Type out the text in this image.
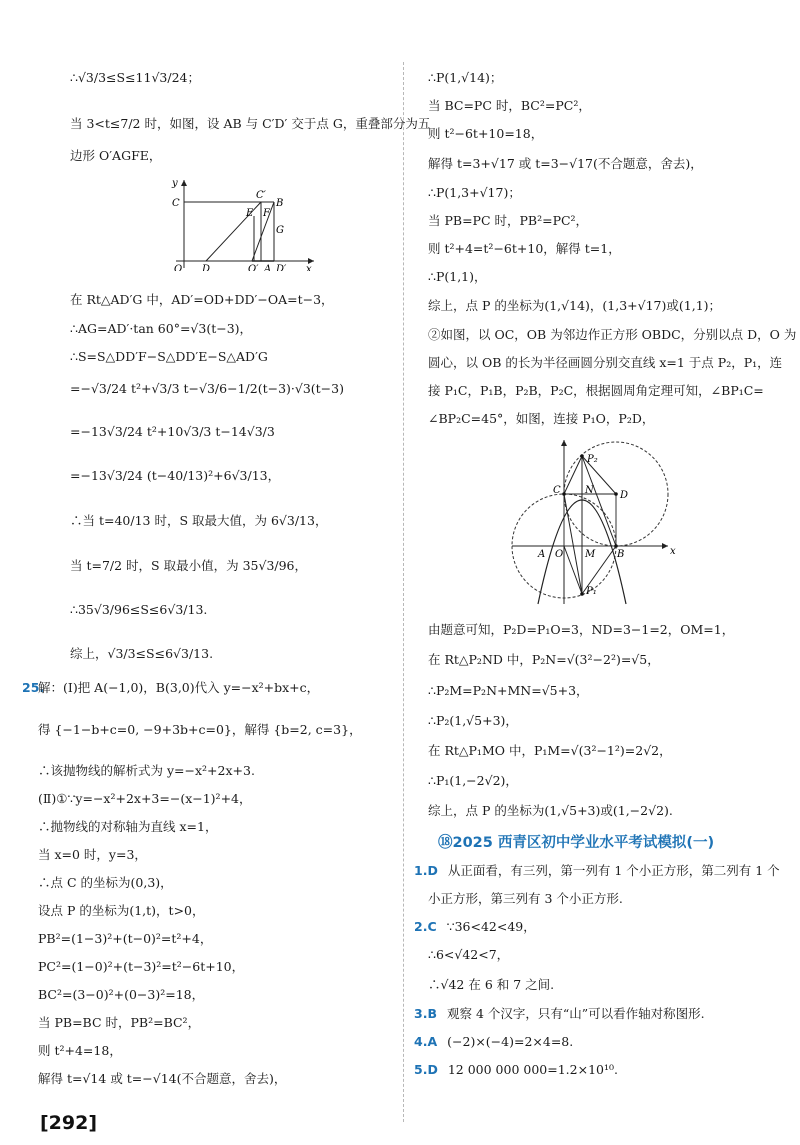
∴√3/3≤S≤11√3/24；
当 3<t≤7/2 时，如图，设 AB 与 C′D′ 交于点 G，重叠部分为五
边形 O′AGFE，
在 Rt△AD′G 中，AD′=OD+DD′−OA=t−3，
∴AG=AD′·tan 60°=√3(t−3)，
∴S=S△DD′F−S△DD′E−S△AD′G
=−√3/24 t²+√3/3 t−√3/6−1/2(t−3)·√3(t−3)
=−13√3/24 t²+10√3/3 t−14√3/3
=−13√3/24 (t−40/13)²+6√3/13，
∴当 t=40/13 时，S 取最大值，为 6√3/13，
当 t=7/2 时，S 取最小值，为 35√3/96，
∴35√3/96≤S≤6√3/13.
综上，√3/3≤S≤6√3/13.
y
x
C
C′
B
E F
G
O D	O′ A D′
25.
解：(Ⅰ)把 A(−1,0)，B(3,0)代入 y=−x²+bx+c，
得 {−1−b+c=0, −9+3b+c=0}，解得 {b=2, c=3}，
∴该抛物线的解析式为 y=−x²+2x+3.
(Ⅱ)①∵y=−x²+2x+3=−(x−1)²+4，
∴抛物线的对称轴为直线 x=1，
当 x=0 时，y=3，
∴点 C 的坐标为(0,3)，
设点 P 的坐标为(1,t)，t>0，
PB²=(1−3)²+(t−0)²=t²+4，
PC²=(1−0)²+(t−3)²=t²−6t+10，
BC²=(3−0)²+(0−3)²=18，
当 PB=BC 时，PB²=BC²，
则 t²+4=18，
解得 t=√14 或 t=−√14(不合题意，舍去)，
∴P(1,√14)；
当 BC=PC 时，BC²=PC²，
则 t²−6t+10=18，
解得 t=3+√17 或 t=3−√17(不合题意，舍去)，
∴P(1,3+√17)；
当 PB=PC 时，PB²=PC²，
则 t²+4=t²−6t+10，解得 t=1，
∴P(1,1)，
综上，点 P 的坐标为(1,√14)，(1,3+√17)或(1,1)；
②如图，以 OC，OB 为邻边作正方形 OBDC，分别以点 D，O 为
圆心，以 OB 的长为半径画圆分别交直线 x=1 于点 P₂，P₁，连
接 P₁C，P₁B，P₂B，P₂C，根据圆周角定理可知，∠BP₁C=
∠BP₂C=45°，如图，连接 P₁O，P₂D，
由题意可知，P₂D=P₁O=3，ND=3−1=2，OM=1，
在 Rt△P₂ND 中，P₂N=√(3²−2²)=√5，
∴P₂M=P₂N+MN=√5+3，
∴P₂(1,√5+3)，
在 Rt△P₁MO 中，P₁M=√(3²−1²)=2√2，
∴P₁(1,−2√2)，
综上，点 P 的坐标为(1,√5+3)或(1,−2√2).
P₂
C N	D
A O M B	x
P₁
⑱2025 西青区初中学业水平考试模拟(一)
1.D 从正面看，有三列，第一列有 1 个小正方形，第二列有 1 个
小正方形，第三列有 3 个小正方形.
2.C ∵36<42<49，
∴6<√42<7，
∴√42 在 6 和 7 之间.
3.B 观察 4 个汉字，只有“山”可以看作轴对称图形.
4.A (−2)×(−4)=2×4=8.
5.D 12 000 000 000=1.2×10¹⁰.
[292]
